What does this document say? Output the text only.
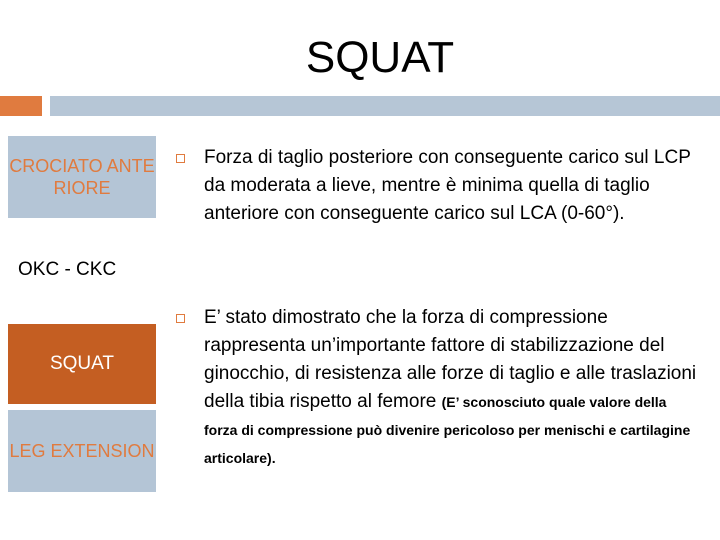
SQUAT
CROCIATO ANTERIORE
OKC - CKC
SQUAT
LEG EXTENSION
Forza di taglio posteriore con conseguente carico sul LCP da moderata a lieve, mentre è minima quella di taglio anteriore con conseguente carico sul LCA (0-60°).
E’ stato dimostrato che la forza di compressione rappresenta un’importante fattore di stabilizzazione del ginocchio, di resistenza alle forze di taglio e alle traslazioni della tibia rispetto al femore (E’ sconosciuto quale valore della forza di compressione può divenire pericoloso per menischi e cartilagine articolare).
